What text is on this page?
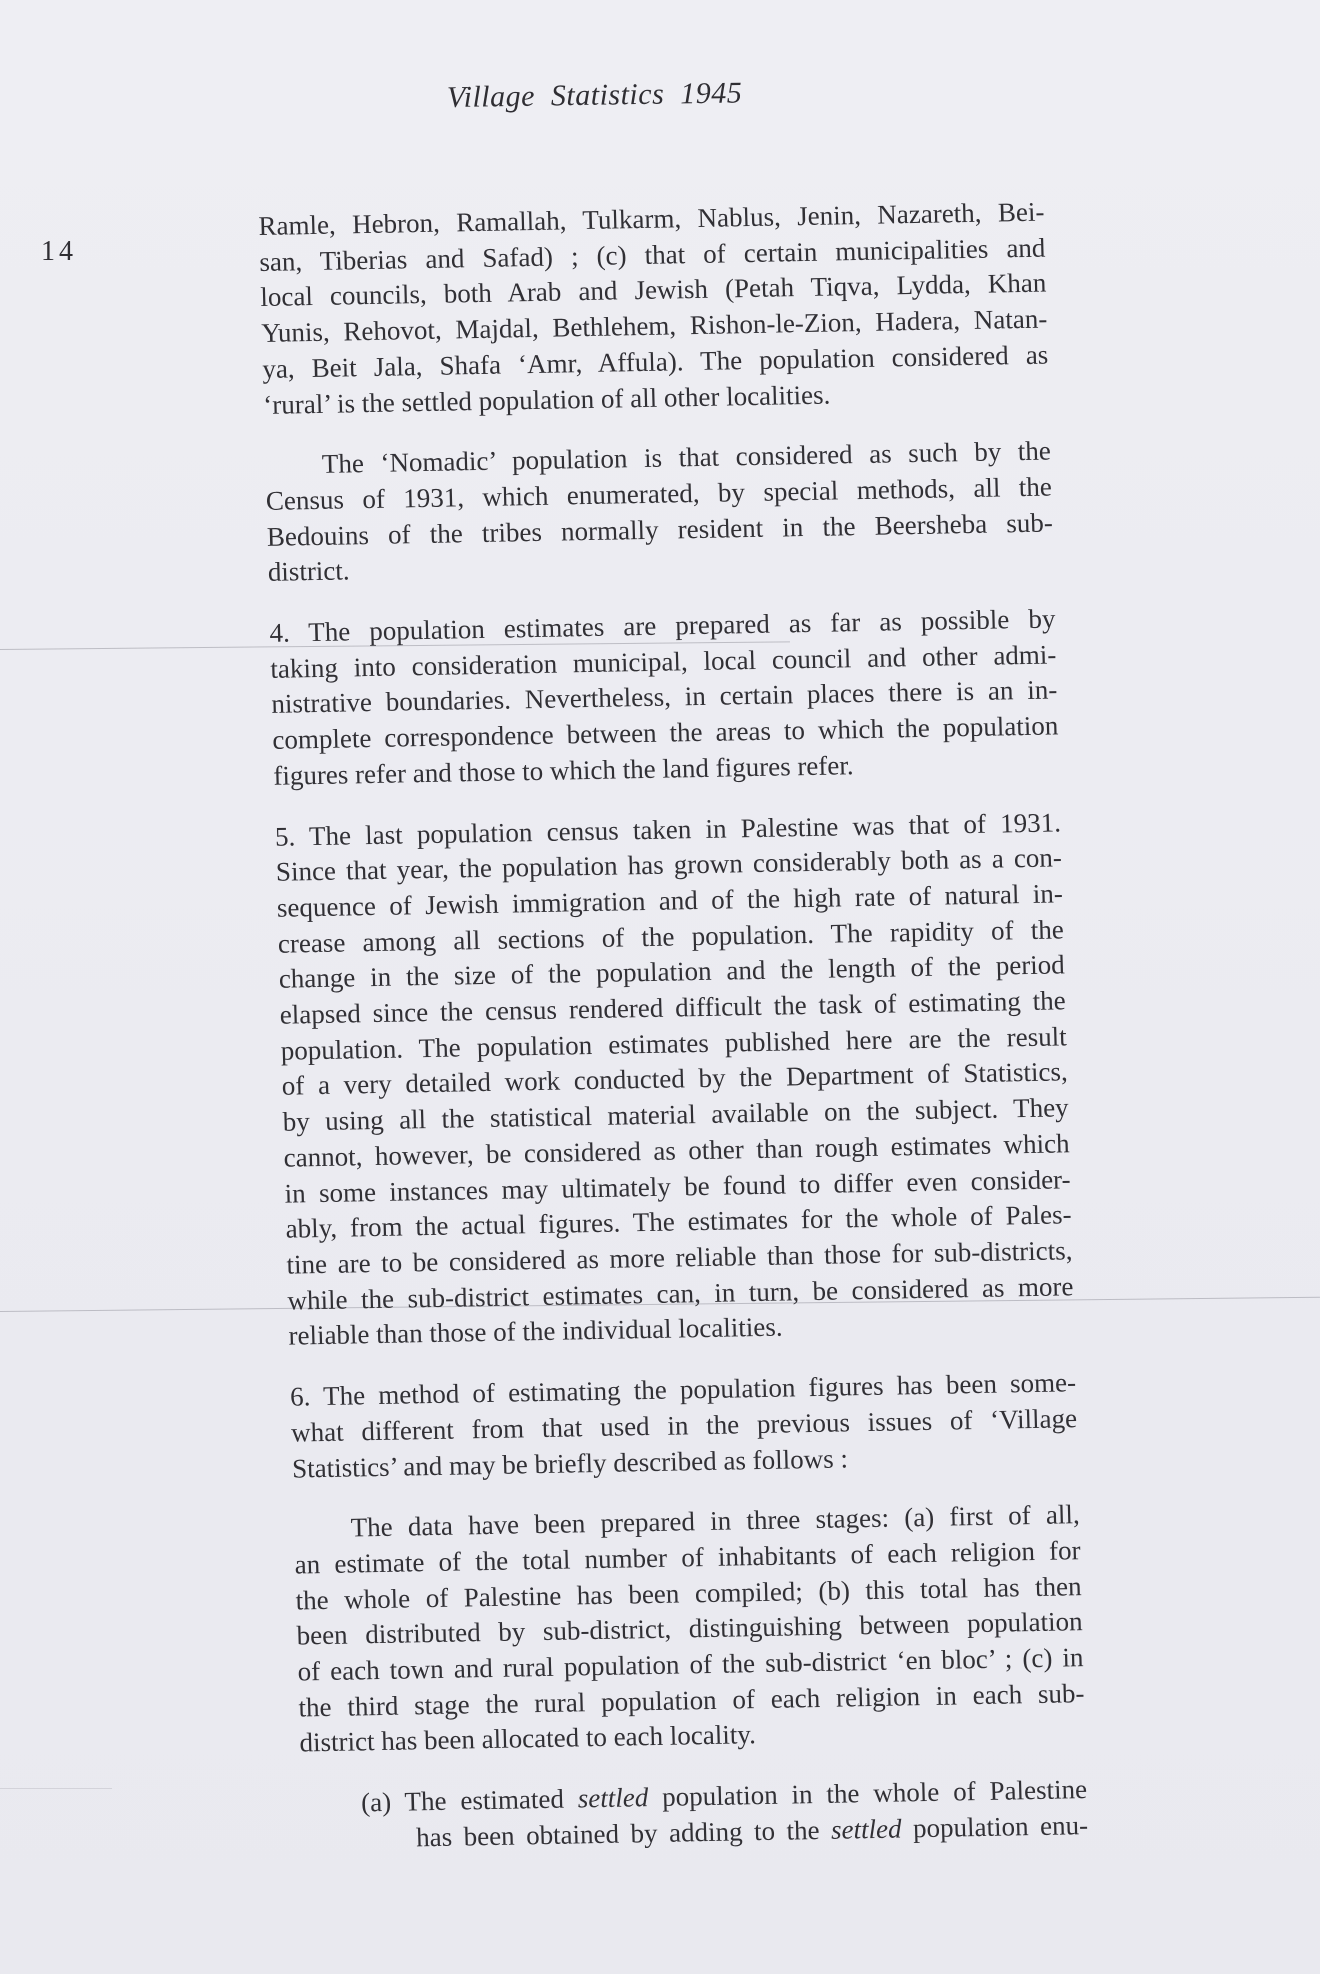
Village Statistics 1945
14
Ramle, Hebron, Ramallah, Tulkarm, Nablus, Jenin, Nazareth, Bei-
san, Tiberias and Safad) ; (c) that of certain municipalities and
local councils, both Arab and Jewish (Petah Tiqva, Lydda, Khan
Yunis, Rehovot, Majdal, Bethlehem, Rishon-le-Zion, Hadera, Natan-
ya, Beit Jala, Shafa ‘Amr, Affula). The population considered as
‘rural’ is the settled population of all other localities.
The ‘Nomadic’ population is that considered as such by the
Census of 1931, which enumerated, by special methods, all the
Bedouins of the tribes normally resident in the Beersheba sub-
district.
4. The population estimates are prepared as far as possible by
taking into consideration municipal, local council and other admi-
nistrative boundaries. Nevertheless, in certain places there is an in-
complete correspondence between the areas to which the population
figures refer and those to which the land figures refer.
5. The last population census taken in Palestine was that of 1931.
Since that year, the population has grown considerably both as a con-
sequence of Jewish immigration and of the high rate of natural in-
crease among all sections of the population. The rapidity of the
change in the size of the population and the length of the period
elapsed since the census rendered difficult the task of estimating the
population. The population estimates published here are the result
of a very detailed work conducted by the Department of Statistics,
by using all the statistical material available on the subject. They
cannot, however, be considered as other than rough estimates which
in some instances may ultimately be found to differ even consider-
ably, from the actual figures. The estimates for the whole of Pales-
tine are to be considered as more reliable than those for sub-districts,
while the sub-district estimates can, in turn, be considered as more
reliable than those of the individual localities.
6. The method of estimating the population figures has been some-
what different from that used in the previous issues of ‘Village
Statistics’ and may be briefly described as follows :
The data have been prepared in three stages: (a) first of all,
an estimate of the total number of inhabitants of each religion for
the whole of Palestine has been compiled; (b) this total has then
been distributed by sub-district, distinguishing between population
of each town and rural population of the sub-district ‘en bloc’ ; (c) in
the third stage the rural population of each religion in each sub-
district has been allocated to each locality.
(a) The estimated settled population in the whole of Palestine
has been obtained by adding to the settled population enu-
